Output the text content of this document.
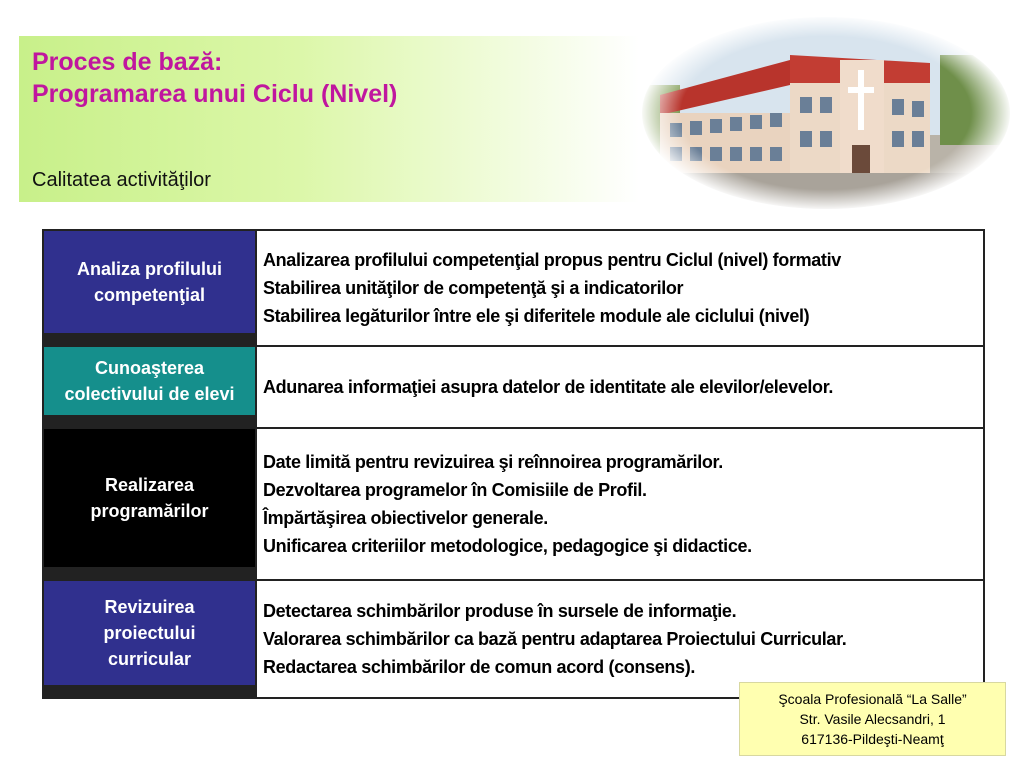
Proces de bază:
Programarea unui Ciclu (Nivel)
Calitatea activităţilor
Analiza profilului
competenţial
Analizarea profilului competenţial propus pentru Ciclul (nivel) formativ
Stabilirea unităţilor de competenţă şi a indicatorilor
Stabilirea legăturilor între ele şi diferitele module ale ciclului (nivel)
Cunoaşterea
colectivului de elevi Adunarea informaţiei asupra datelor de identitate ale elevilor/elevelor.
Realizarea
programărilor
Date limită pentru revizuirea şi reînnoirea programărilor.
Dezvoltarea programelor în Comisiile de Profil.
Împărtăşirea obiectivelor generale.
Unificarea criteriilor metodologice, pedagogice şi didactice.
Revizuirea
proiectului
curricular
Detectarea schimbărilor produse în sursele de informaţie.
Valorarea schimbărilor ca bază pentru adaptarea Proiectului Curricular.
Redactarea schimbărilor de comun acord (consens).
Şcoala Profesională “La Salle”
Str. Vasile Alecsandri, 1
617136-Pildeşti-Neamţ
